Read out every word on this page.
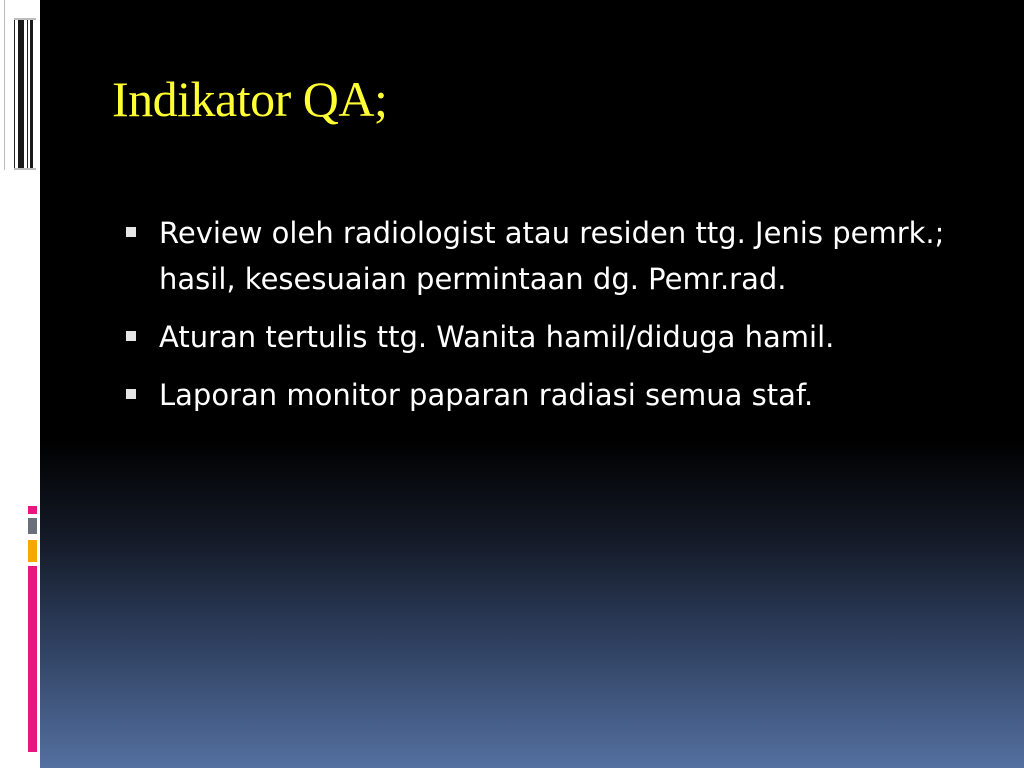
Indikator QA;
Review oleh radiologist atau residen ttg. Jenis pemrk.; hasil, kesesuaian permintaan dg. Pemr.rad.
Aturan tertulis ttg. Wanita hamil/diduga hamil.
Laporan monitor paparan radiasi semua staf.
